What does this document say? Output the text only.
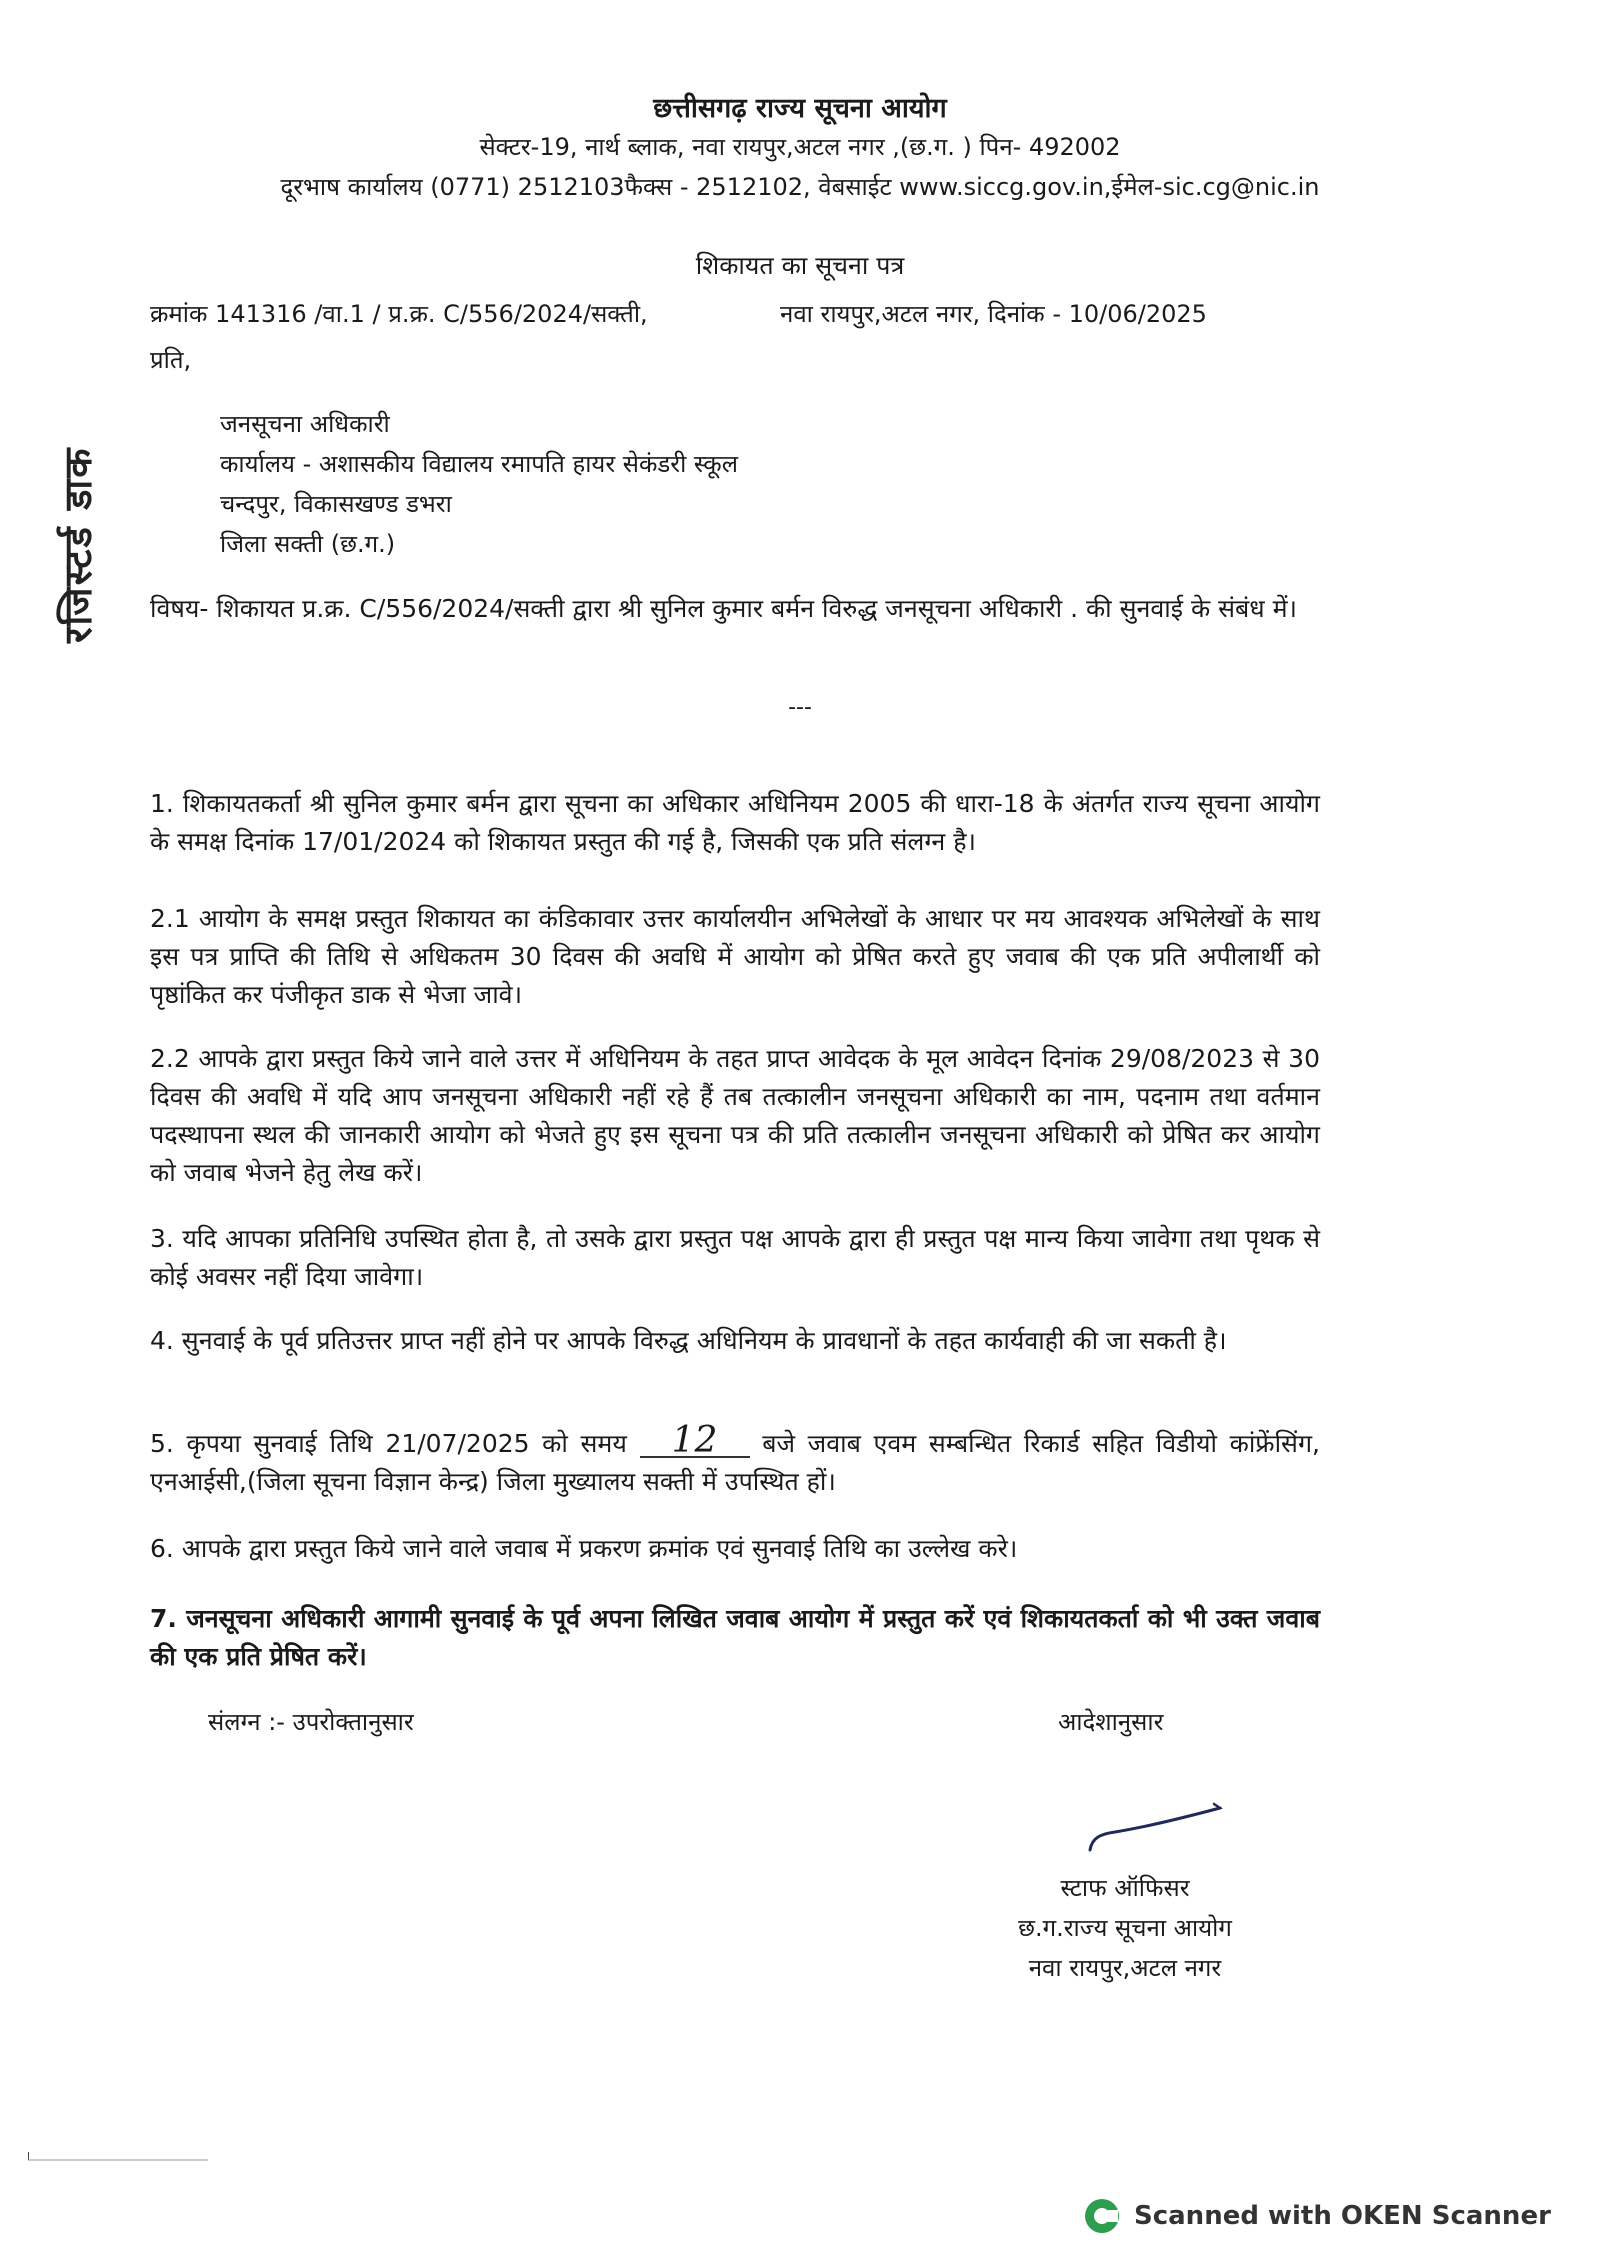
छत्तीसगढ़ राज्य सूचना आयोग
सेक्टर-19, नार्थ ब्लाक, नवा रायपुर,अटल नगर ,(छ.ग. ) पिन- 492002
दूरभाष कार्यालय (0771) 2512103फैक्स - 2512102, वेबसाईट www.siccg.gov.in,ईमेल-sic.cg@nic.in
शिकायत का सूचना पत्र
क्रमांक 141316 /वा.1 / प्र.क्र. C/556/2024/सक्ती,	नवा रायपुर,अटल नगर, दिनांक - 10/06/2025
प्रति,
जनसूचना अधिकारी
कार्यालय - अशासकीय विद्यालय रमापति हायर सेकंडरी स्कूल
चन्दपुर, विकासखण्ड डभरा
जिला सक्ती (छ.ग.)
रजिस्टर्ड डाक	विषय- शिकायत प्र.क्र. C/556/2024/सक्ती द्वारा श्री सुनिल कुमार बर्मन विरुद्ध जनसूचना अधिकारी . की सुनवाई के संबंध में।
---
1. शिकायतकर्ता श्री सुनिल कुमार बर्मन द्वारा सूचना का अधिकार अधिनियम 2005 की धारा-18 के अंतर्गत राज्य सूचना आयोग के समक्ष दिनांक 17/01/2024 को शिकायत प्रस्तुत की गई है, जिसकी एक प्रति संलग्न है।
2.1 आयोग के समक्ष प्रस्तुत शिकायत का कंडिकावार उत्तर कार्यालयीन अभिलेखों के आधार पर मय आवश्यक अभिलेखों के साथ इस पत्र प्राप्ति की तिथि से अधिकतम 30 दिवस की अवधि में आयोग को प्रेषित करते हुए जवाब की एक प्रति अपीलार्थी को पृष्ठांकित कर पंजीकृत डाक से भेजा जावे।
2.2 आपके द्वारा प्रस्तुत किये जाने वाले उत्तर में अधिनियम के तहत प्राप्त आवेदक के मूल आवेदन दिनांक 29/08/2023 से 30 दिवस की अवधि में यदि आप जनसूचना अधिकारी नहीं रहे हैं तब तत्कालीन जनसूचना अधिकारी का नाम, पदनाम तथा वर्तमान पदस्थापना स्थल की जानकारी आयोग को भेजते हुए इस सूचना पत्र की प्रति तत्कालीन जनसूचना अधिकारी को प्रेषित कर आयोग को जवाब भेजने हेतु लेख करें।
3. यदि आपका प्रतिनिधि उपस्थित होता है, तो उसके द्वारा प्रस्तुत पक्ष आपके द्वारा ही प्रस्तुत पक्ष मान्य किया जावेगा तथा पृथक से कोई अवसर नहीं दिया जावेगा।
4. सुनवाई के पूर्व प्रतिउत्तर प्राप्त नहीं होने पर आपके विरुद्ध अधिनियम के प्रावधानों के तहत कार्यवाही की जा सकती है।
5. कृपया सुनवाई तिथि 21/07/2025 को समय 12 बजे जवाब एवम सम्बन्धित रिकार्ड सहित विडीयो कांफ्रेंसिंग, एनआईसी,(जिला सूचना विज्ञान केन्द्र) जिला मुख्यालय सक्ती में उपस्थित हों।
6. आपके द्वारा प्रस्तुत किये जाने वाले जवाब में प्रकरण क्रमांक एवं सुनवाई तिथि का उल्लेख करे।
7. जनसूचना अधिकारी आगामी सुनवाई के पूर्व अपना लिखित जवाब आयोग में प्रस्तुत करें एवं शिकायतकर्ता को भी उक्त जवाब की एक प्रति प्रेषित करें।
संलग्न :- उपरोक्तानुसार	आदेशानुसार
स्टाफ ऑफिसर
छ.ग.राज्य सूचना आयोग
नवा रायपुर,अटल नगर
Scanned with OKEN Scanner
